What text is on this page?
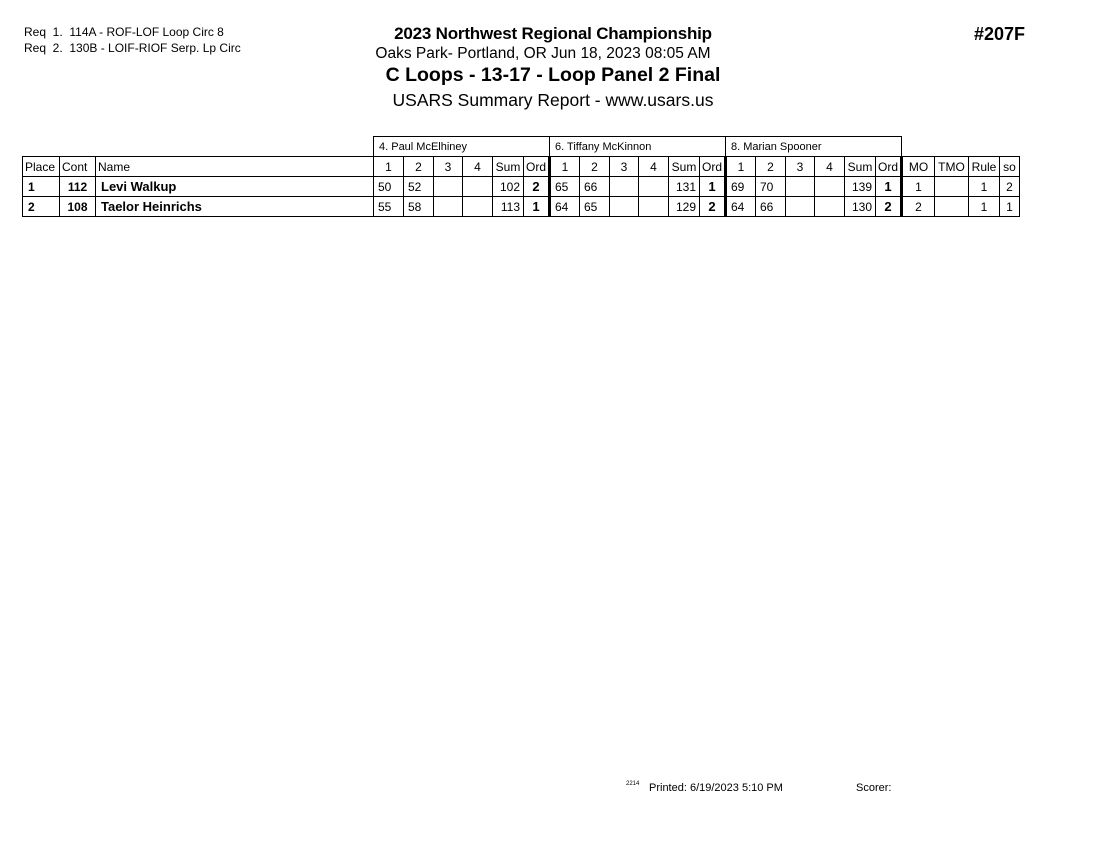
Req  1.  114A - ROF-LOF Loop Circ 8
Req  2.  130B - LOIF-RIOF Serp. Lp Circ
2023 Northwest Regional Championship
Oaks Park- Portland, OR Jun 18, 2023 08:05 AM
C Loops - 13-17 - Loop Panel 2 Final
USARS Summary Report - www.usars.us
#207F
			4. Paul McElhiney						6. Tiffany McKinnon						8. Marian Spooner									
Place	Cont	Name	1	2	3	4	Sum	Ord	1	2	3	4	Sum	Ord	1	2	3	4	Sum	Ord	MO	TMO	Rule	so
1	112	Levi Walkup	50	52			102	2	65	66			131	1	69	70			139	1	1		1	2
2	108	Taelor Heinrichs	55	58			113	1	64	65			129	2	64	66			130	2	2		1	1
2214 Printed: 6/19/2023 5:10 PM	Scorer:
